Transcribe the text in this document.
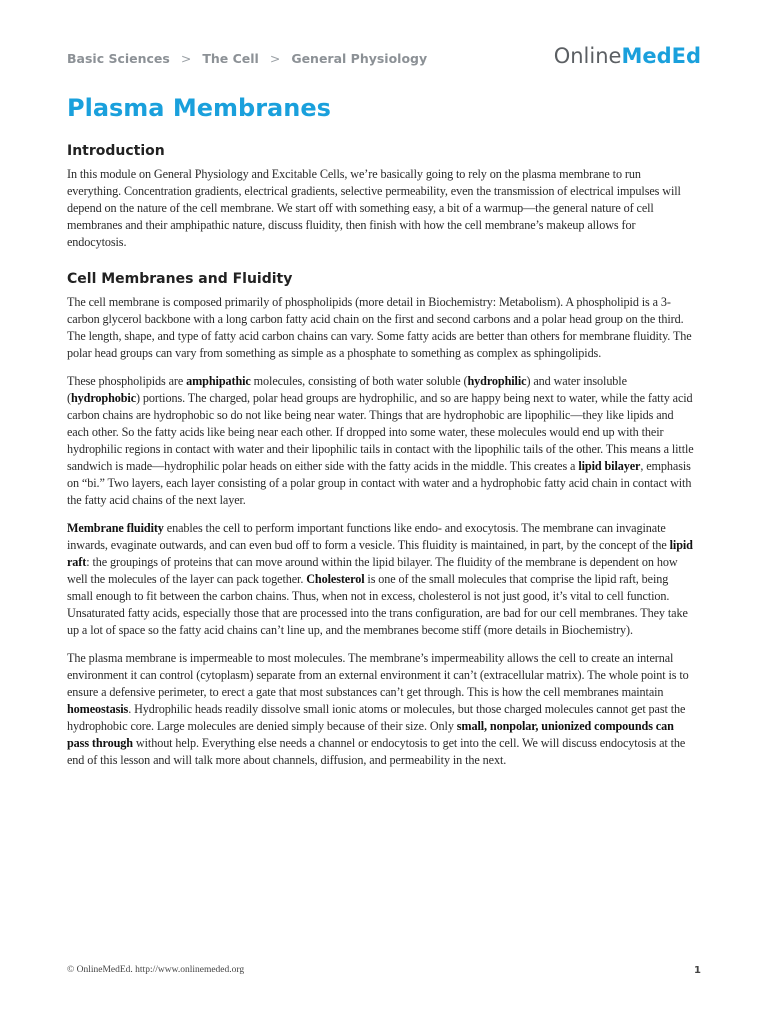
Basic Sciences > The Cell > General Physiology	OnlineMedEd
Plasma Membranes
Introduction

In this module on General Physiology and Excitable Cells, we’re basically going to rely on the plasma membrane to run everything. Concentration gradients, electrical gradients, selective permeability, even the transmission of electrical impulses will depend on the nature of the cell membrane. We start off with something easy, a bit of a warmup—the general nature of cell membranes and their amphipathic nature, discuss fluidity, then finish with how the cell membrane’s makeup allows for endocytosis.

Cell Membranes and Fluidity

The cell membrane is composed primarily of phospholipids (more detail in Biochemistry: Metabolism). A phospholipid is a 3-carbon glycerol backbone with a long carbon fatty acid chain on the first and second carbons and a polar head group on the third. The length, shape, and type of fatty acid carbon chains can vary. Some fatty acids are better than others for membrane fluidity. The polar head groups can vary from something as simple as a phosphate to something as complex as sphingolipids.

These phospholipids are amphipathic molecules, consisting of both water soluble (hydrophilic) and water insoluble (hydrophobic) portions. The charged, polar head groups are hydrophilic, and so are happy being next to water, while the fatty acid carbon chains are hydrophobic so do not like being near water. Things that are hydrophobic are lipophilic—they like lipids and each other. So the fatty acids like being near each other. If dropped into some water, these molecules would end up with their hydrophilic regions in contact with water and their lipophilic tails in contact with the lipophilic tails of the other. This means a little sandwich is made—hydrophilic polar heads on either side with the fatty acids in the middle. This creates a lipid bilayer, emphasis on “bi.” Two layers, each layer consisting of a polar group in contact with water and a hydrophobic fatty acid chain in contact with the fatty acid chains of the next layer.

Membrane fluidity enables the cell to perform important functions like endo- and exocytosis. The membrane can invaginate inwards, evaginate outwards, and can even bud off to form a vesicle. This fluidity is maintained, in part, by the concept of the lipid raft: the groupings of proteins that can move around within the lipid bilayer. The fluidity of the membrane is dependent on how well the molecules of the layer can pack together. Cholesterol is one of the small molecules that comprise the lipid raft, being small enough to fit between the carbon chains. Thus, when not in excess, cholesterol is not just good, it’s vital to cell function. Unsaturated fatty acids, especially those that are processed into the trans configuration, are bad for our cell membranes. They take up a lot of space so the fatty acid chains can’t line up, and the membranes become stiff (more details in Biochemistry).

The plasma membrane is impermeable to most molecules. The membrane’s impermeability allows the cell to create an internal environment it can control (cytoplasm) separate from an external environment it can’t (extracellular matrix). The whole point is to ensure a defensive perimeter, to erect a gate that most substances can’t get through. This is how the cell membranes maintain homeostasis. Hydrophilic heads readily dissolve small ionic atoms or molecules, but those charged molecules cannot get past the hydrophobic core. Large molecules are denied simply because of their size. Only small, nonpolar, unionized compounds can pass through without help. Everything else needs a channel or endocytosis to get into the cell. We will discuss endocytosis at the end of this lesson and will talk more about channels, diffusion, and permeability in the next.

© OnlineMedEd. http://www.onlinemeded.org	1
